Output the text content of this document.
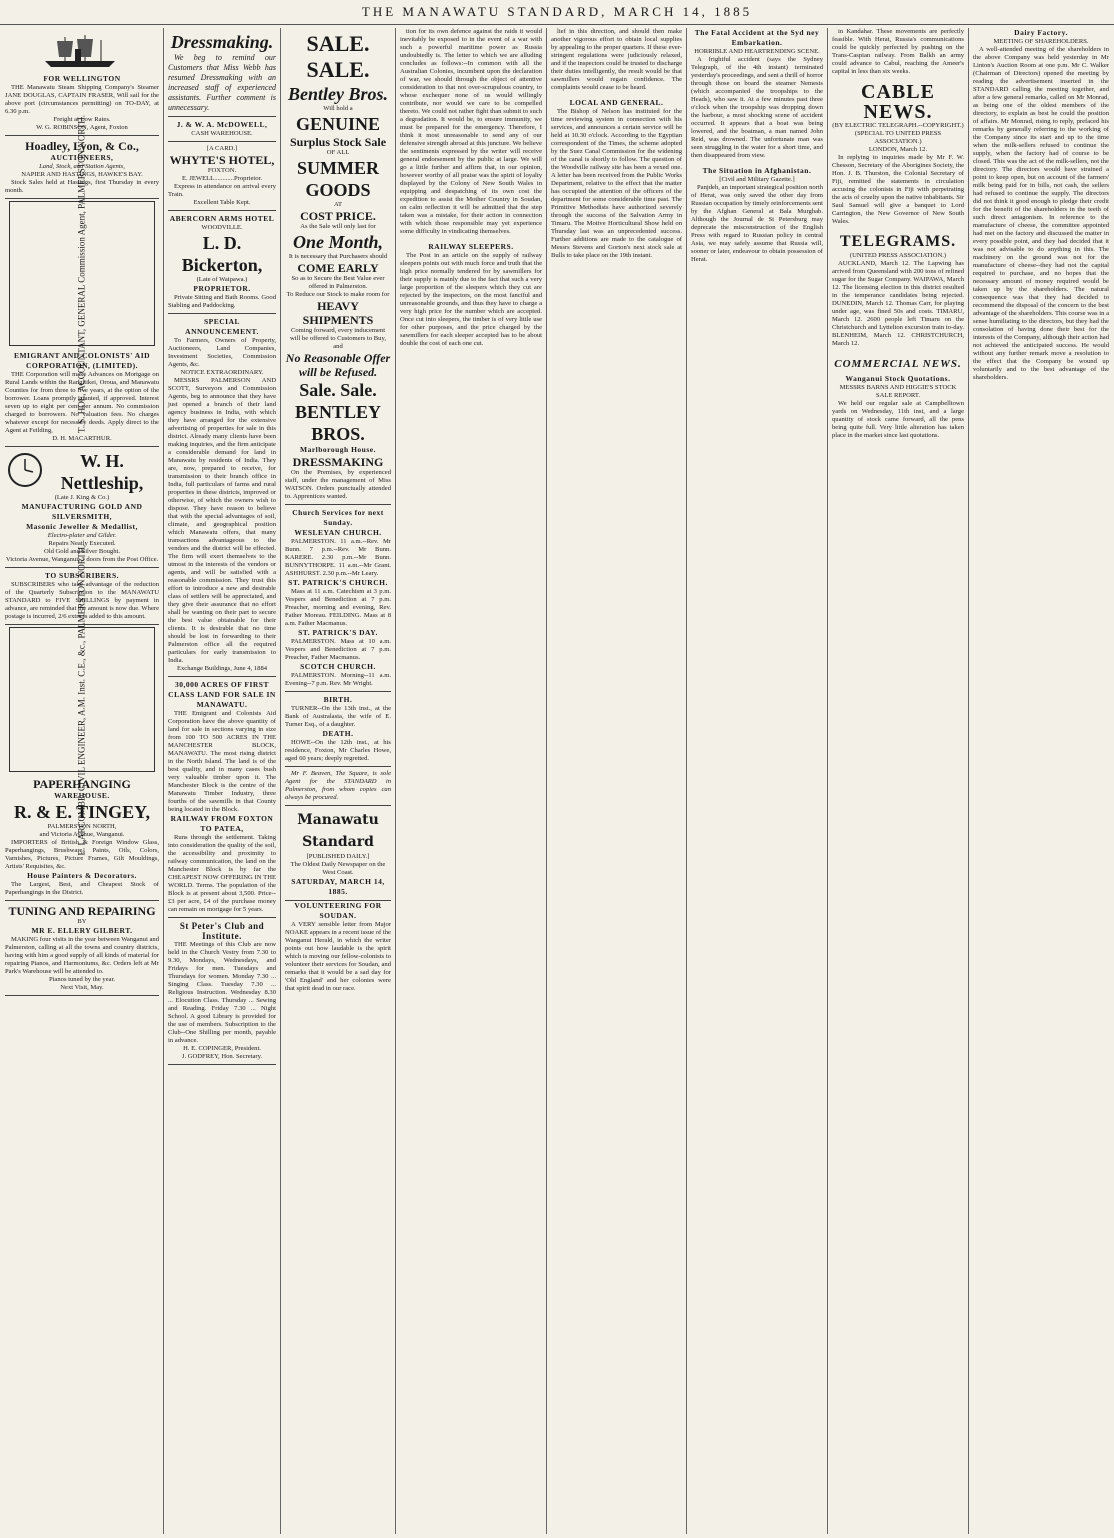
THE MANAWATU STANDARD, MARCH 14, 1885
FOR WELLINGTON

THE Manawatu Steam Shipping Company's Steamer JANE DOUGLAS, CAPTAIN FRASER, Will sail for the above port (circumstances permitting) on TO-DAY, at 6.30 p.m.

Freight at Low Rates.
W. G. ROBINSON, Agent, Foxton
Hoadley, Lyon, & Co.,
AUCTIONEERS,
Land, Stock, and Station Agents,
NAPIER AND HASTINGS, HAWKE'S BAY.

Stock Sales held at Hastings, first Thursday in every month.	T. S. HOE, ACCOUNTANT, GENERAL Commission Agent, PALMERSTON NORTH.
EMIGRANT AND COLONISTS' AID CORPORATION, (LIMITED).

THE Corporation will make Advances on Mortgage on Rural Lands within the Rangitikei, Oroua, and Manawatu Counties for from three to five years, at the option of the borrower. Loans promptly granted, if approved. Interest seven up to eight per cent per annum. No commission charged to borrowers. No valuation fees. No charges whatever except for necessary deeds. Apply direct to the Agent at Feilding,

D. H. MACARTHUR.
W. H. Nettleship,
(Late J. King & Co.)
MANUFACTURING GOLD AND SILVERSMITH,
Masonic Jeweller & Medallist,
Electro-plater and Gilder.
Repairs Neatly Executed.
Old Gold and Silver Bought.
Victoria Avenue, Wanganui, 3 doors from the Post Office.
TO SUBSCRIBERS.

SUBSCRIBERS who take advantage of the reduction of the Quarterly Subscription to the MANAWATU STANDARD to FIVE SHILLINGS by payment in advance, are reminded that the amount is now due. Where postage is incurred, 2/6 extra is added to this amount.

E. LARCOMBE, CIVIL ENGINEER, A.M. Inst. C.E., &c., PALMERSTON NORTH.
PAPERHANGING
WAREHOUSE.
R. & E. TINGEY,
PALMERSTON NORTH,
and Victoria Avenue, Wanganui.

IMPORTERS of British & Foreign Window Glass, Paperhangings, Brushware, Paints, Oils, Colors, Varnishes, Pictures, Picture Frames, Gilt Mouldings, Artists' Requisites, &c.

House Painters & Decorators.

The Largest, Best, and Cheapest Stock of Paperhangings in the District.

TUNING AND REPAIRING
BY
MR E. ELLERY GILBERT.

MAKING four visits in the year between Wanganui and Palmerston, calling at all the towns and country districts, having with him a good supply of all kinds of material for repairing Pianos, and Harmoniums, &c. Orders left at Mr Park's Warehouse will be attended to.

Pianos tuned by the year.
Next Visit, May.
Dressmaking.

We beg to remind our Customers that Miss Webb has resumed Dressmaking with an increased staff of experienced assistants. Further comment is unnecessary.

J. & W. A. McDOWELL,
CASH WAREHOUSE.
[A CARD.]
WHYTE'S HOTEL,
FOXTON.
E. JEWELL............Proprietor.

Express in attendance on arrival every Train.

Excellent Table Kept.
ABERCORN ARMS HOTEL
WOODVILLE.
L. D. Bickerton,
(Late of Waipawa.)
PROPRIETOR.

Private Sitting and Bath Rooms. Good Stabling and Paddocking.

SPECIAL ANNOUNCEMENT.

To Farmers, Owners of Property, Auctioneers, Land Companies, Investment Societies, Commission Agents, &c.

NOTICE EXTRAORDINARY.

MESSRS PALMERSON AND SCOTT, Surveyors and Commission Agents, beg to announce that they have just opened a branch of their land agency business in India, with which they have arranged for the extensive advertising of properties for sale in this district. Already many clients have been making inquiries, and the firm anticipate a considerable demand for land in Manawatu by residents of India. They are, now, prepared to receive, for transmission to their branch office in India, full particulars of farms and rural properties in these districts, improved or otherwise, of which the owners wish to dispose. They have reason to believe that with the special advantages of soil, climate, and geographical position which Manawatu offers, that many transactions advantageous to the vendors and the district will be effected. The firm will exert themselves to the utmost in the interests of the vendors or agents, and will be satisfied with a reasonable commission. They trust this effort to introduce a new and desirable class of settlers will be appreciated, and they give their assurance that no effort shall be wanting on their part to secure the best value obtainable for their clients. It is desirable that no time should be lost in forwarding to their Palmerston office all the required particulars for early transmission to India.

Exchange Buildings, June 4, 1884
30,000 ACRES OF FIRST CLASS LAND FOR SALE IN MANAWATU.

THE Emigrant and Colonists Aid Corporation have the above quantity of land for sale in sections varying in size from 100 TO 500 ACRES IN THE MANCHESTER BLOCK, MANAWATU. The most rising district in the North Island. The land is of the best quality, and in many cases bush very valuable timber upon it. The Manchester Block is the centre of the Manawatu Timber Industry, three fourths of the sawmills in that County being located in the Block.

RAILWAY FROM FOXTON TO PATEA,

Runs through the settlement. Taking into consideration the quality of the soil, the accessibility and proximity to railway communication, the land on the Manchester Block is by far the CHEAPEST NOW OFFERING IN THE WORLD. Terms. The population of the Block is at present about 3,500. Price--£3 per acre, £4 of the purchase money can remain on mortgage for 5 years.

St Peter's Club and Institute.

THE Meetings of this Club are now held in the Church Vestry from 7.30 to 9.30, Mondays, Wednesdays, and Fridays for men. Tuesdays and Thursdays for women. Monday 7.30 ... Singing Class. Tuesday 7.30 ... Religious Instruction. Wednesday 8.30 ... Elocution Class. Thursday ... Sewing and Reading. Friday 7.30 ... Night School. A good Library is provided for the use of members. Subscription to the Club--One Shilling per month, payable in advance.

H. E. COPINGER, President.
J. GODFREY, Hon. Secretary.
SALE. SALE.
Bentley Bros.
Will hold a
GENUINE
Surplus Stock Sale
OF ALL
SUMMER GOODS
AT
COST PRICE.
As the Sale will only last for
One Month,
It is necessary that Purchasers should
COME EARLY
So as to Secure the Best Value ever offered in Palmerston.
To Reduce our Stock to make room for
HEAVY SHIPMENTS
Coming forward, every inducement will be offered to Customers to Buy, and
No Reasonable Offer will be Refused.
Sale. Sale.
BENTLEY BROS.
Marlborough House.
DRESSMAKING

On the Premises, by experienced staff, under the management of Miss WATSON. Orders punctually attended to. Apprentices wanted.

Church Services for next Sunday.
WESLEYAN CHURCH.

PALMERSTON. 11 a.m.--Rev. Mr Bunn. 7 p.m.--Rev. Mr Bunn. KARERE. 2.30 p.m.--Mr Bunn. BUNNYTHORPE. 11 a.m.--Mr Grant. ASHHURST. 2.30 p.m.--Mr Leary.

ST. PATRICK'S CHURCH.

Mass at 11 a.m. Catechism at 3 p.m. Vespers and Benediction at 7 p.m. Preacher, morning and evening, Rev. Father Moreau. FEILDING. Mass at 8 a.m. Father Macmanus.

ST. PATRICK'S DAY.

PALMERSTON. Mass at 10 a.m. Vespers and Benediction at 7 p.m. Preacher, Father Macmanus.

SCOTCH CHURCH.

PALMERSTON. Morning--11 a.m. Evening--7 p.m. Rev. Mr Wright.

BIRTH.

TURNER--On the 13th inst., at the Bank of Australasia, the wife of E. Turner Esq., of a daughter.

DEATH.

HOWE--On the 12th inst., at his residence, Foxton, Mr Charles Howe, aged 60 years; deeply regretted.

Mr F. Beaven, The Square, is sole Agent for the STANDARD in Palmerston, from whom copies can always be procured.

Manawatu Standard
[PUBLISHED DAILY.]
The Oldest Daily Newspaper on the West Coast.
SATURDAY, MARCH 14, 1885.
VOLUNTEERING FOR SOUDAN.

A VERY sensible letter from Major NOAKE appears in a recent issue of the Wanganui Herald, in which the writer points out how laudable is the spirit which is moving our fellow-colonists to volunteer their services for Soudan, and remarks that it would be a sad day for 'Old England' and her colonies were that spirit dead in our race.

tion for its own defence against the raids it would inevitably be exposed to in the event of a war with such a powerful maritime power as Russia undoubtedly is. The letter to which we are alluding concludes as follows:--In common with all the Australian Colonies, incumbent upon the declaration of war, we should through the object of attentive consideration to that not over-scrupulous country, to whose exchequer none of us would willingly contribute, nor would we care to be compelled thereto. We could not rather fight than submit to such a degradation. It would be, to ensure immunity, we must be prepared for the emergency. Therefore, I think it most unreasonable to send any of our defensive strength abroad at this juncture. We believe the sentiments expressed by the writer will receive general endorsement by the public at large. We will go a little further and affirm that, in our opinion, however worthy of all praise was the spirit of loyalty displayed by the Colony of New South Wales in equipping and despatching of its own cost the expedition to assist the Mother Country in Soudan, on calm reflection it will be admitted that the step taken was a mistake, for their action in connection with which those responsible may yet experience some difficulty in vindicating themselves.

RAILWAY SLEEPERS.

The Post in an article on the supply of railway sleepers points out with much force and truth that the high price normally tendered for by sawmillers for their supply is mainly due to the fact that such a very large proportion of the sleepers which they cut are rejected by the inspectors, on the most fanciful and unreasonable grounds, and thus they have to charge a very high price for the number which are accepted. Once cut into sleepers, the timber is of very little use for other purposes, and the price charged by the sawmillers for each sleeper accepted has to be about double the cost of each one cut.

lief in this direction, and should then make another vigorous effort to obtain local supplies by appealing to the proper quarters. If these ever-stringent regulations were judiciously relaxed, and if the inspectors could be trusted to discharge their duties intelligently, the result would be that sawmillers would regain confidence. The complaints would cease to be heard.

LOCAL AND GENERAL.

The Bishop of Nelson has instituted for the time reviewing system in connection with his services, and announces a certain service will be held at 10.30 o'clock. According to the Egyptian correspondent of the Times, the scheme adopted by the Suez Canal Commission for the widening of the canal is shortly to follow. The question of the Woodville railway site has been a vexed one. A letter has been received from the Public Works Department, relative to the effect that the matter has occupied the attention of the officers of the department for some considerable time past. The Primitive Methodists have authorized severely through the success of the Salvation Army in Timaru. The Motive Horticultural Show held on Thursday last was an unprecedented success. Further additions are made to the catalogue of Messrs Stevens and Gorton's next stock sale at Bulls to take place on the 19th instant.

The Fatal Accident at the Syd ney Embarkation.
HORRIBLE AND HEARTRENDING SCENE.

A frightful accident (says the Sydney Telegraph, of the 4th instant) terminated yesterday's proceedings, and sent a thrill of horror through those on board the steamer Nemesis (which accompanied the troopships to the Heads), who saw it. At a few minutes past three o'clock when the troopship was dropping down the harbour, a most shocking scene of accident occurred. It appears that a boat was being lowered, and the boatman, a man named John Reid, was drowned. The unfortunate man was seen struggling in the water for a short time, and then disappeared from view.

The Situation in Afghanistan.
[Civil and Military Gazette.]

Panjdeh, an important strategical position north of Herat, was only saved the other day from Russian occupation by timely reinforcements sent by the Afghan General at Bala Murghab. Although the Journal de St Petersburg may deprecate the misconstruction of the English Press with regard to Russian policy in central Asia, we may safely assume that Russia will, sooner or later, endeavour to obtain possession of Herat.

in Kandahar. These movements are perfectly feasible. With Herat, Russia's communications could be quickly perfected by pushing on the Trans-Caspian railway. From Balkh an army could advance to Cabul, reaching the Ameer's capital in less than six weeks.

CABLE NEWS.
(BY ELECTRIC TELEGRAPH.--COPYRIGHT.) (SPECIAL TO UNITED PRESS ASSOCIATION.)
LONDON, March 12.

In replying to inquiries made by Mr F. W. Chesson, Secretary of the Aborigines Society, the Hon. J. B. Thurston, the Colonial Secretary of Fiji, remitted the statements in circulation accusing the colonists in Fiji with perpetrating the acts of cruelty upon the native inhabitants. Sir Saul Samuel will give a banquet to Lord Carrington, the New Governor of New South Wales.

TELEGRAMS.
(UNITED PRESS ASSOCIATION.)

AUCKLAND, March 12. The Lapwing has arrived from Queensland with 200 tons of refined sugar for the Sugar Company. WAIPAWA, March 12. The licensing election in this district resulted in the temperance candidates being rejected. DUNEDIN, March 12. Thomas Carr, for playing under age, was fined 50s and costs. TIMARU, March 12. 2600 people left Timaru on the Christchurch and Lyttelton excursion train to-day. BLENHEIM, March 12. CHRISTCHURCH, March 12.

COMMERCIAL NEWS.
Wanganui Stock Quotations.
MESSRS BARNS AND HIGGIE'S STOCK SALE REPORT.

We held our regular sale at Campbelltown yards on Wednesday, 11th inst, and a large quantity of stock came forward, all the pens being quite full. Very little alteration has taken place in the market since last quotations.

Dairy Factory.
MEETING OF SHAREHOLDERS.

A well-attended meeting of the shareholders in the above Company was held yesterday in Mr Linton's Auction Room at one p.m. Mr C. Walker (Chairman of Directors) opened the meeting by reading the advertisement inserted in the STANDARD calling the meeting together, and after a few general remarks, called on Mr Monrad, as being one of the oldest members of the directory, to explain as best he could the position of affairs. Mr Monrad, rising to reply, prefaced his remarks by generally referring to the working of the Company since its start and up to the time when the milk-sellers refused to continue the supply, when the factory had of course to be closed. This was the act of the milk-sellers, not the directory. The directors would have strained a point to keep open, but on account of the farmers' milk being paid for in bills, not cash, the sellers had refused to continue the supply. The directors did not think it good enough to pledge their credit for the benefit of the shareholders in the teeth of such direct antagonism. In reference to the manufacture of cheese, the committee appointed had met on the factory and discussed the matter in every possible point, and they had decided that it was not advisable to do anything in this. The machinery on the ground was not for the manufacture of cheese--they had not the capital required to purchase, and no hopes that the necessary amount of money required would be taken up by the shareholders. The natural consequence was that they had decided to recommend the disposal of the concern to the best advantage of the shareholders. This course was in a sense humiliating to the directors, but they had the consolation of having done their best for the interests of the Company, although their action had not achieved the anticipated success. He would without any further remark move a resolution to the effect that the Company be wound up voluntarily and to the best advantage of the shareholders.
